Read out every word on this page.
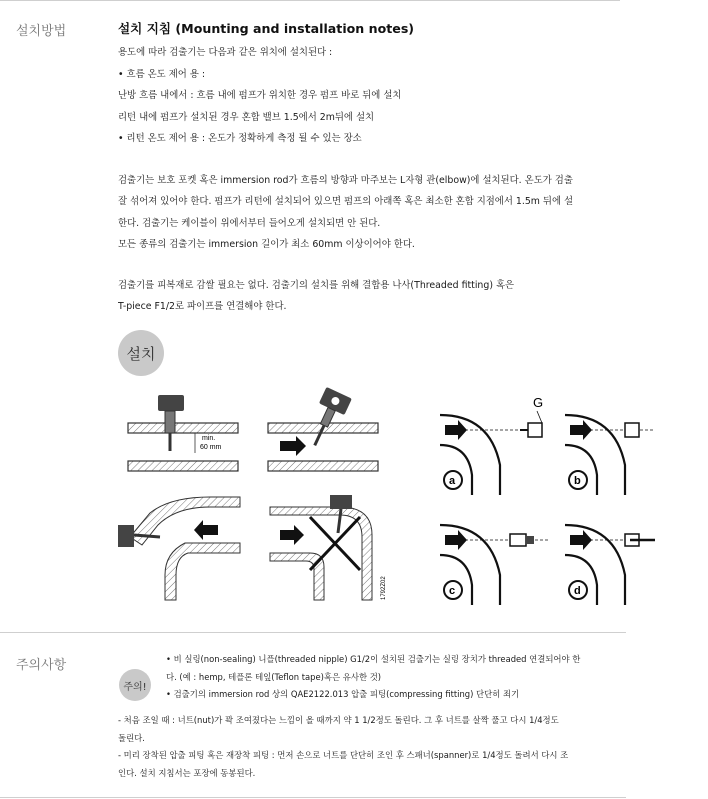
설치방법
주의사항
설치 지침 (Mounting and installation notes)
용도에 따라 검출기는 다음과 같은 위치에 설치된다 :
• 흐름 온도 제어 용 :
난방 흐름 내에서 : 흐름 내에 펌프가 위치한 경우 펌프 바로 뒤에 설치
리턴 내에 펌프가 설치된 경우 혼합 밸브 1.5에서 2m뒤에 설치
• 리턴 온도 제어 용 : 온도가 정확하게 측정 될 수 있는 장소
검출기는 보호 포켓 혹은 immersion rod가 흐름의 방향과 마주보는 L자형 관(elbow)에 설치된다. 온도가 검출
잘 섞어져 있어야 한다. 펌프가 리턴에 설치되어 있으면 펌프의 아래쪽 혹은 최소한 혼합 지점에서 1.5m 뒤에 설
한다. 검출기는 케이블이 위에서부터 들어오게 설치되면 안 된다.
모든 종류의 검출기는 immersion 길이가 최소 60mm 이상이어야 한다.
검출기를 피복재로 감쌀 필요는 없다. 검출기의 설치를 위해 결합용 나사(Threaded fitting) 혹은
T-piece F1/2로 파이프를 연결해야 한다.
설치
min.
60 mm
1792Z02
a
G
b
c	d
주의!
• 비 실링(non-sealing) 니플(threaded nipple) G1/2이 설치된 검출기는 실링 장치가 threaded 연결되어야 한
다. (예 : hemp, 테플론 테잎(Teflon tape)혹은 유사한 것)
• 검출기의 immersion rod 상의 QAE2122.013 압출 피팅(compressing fitting) 단단히 죄기
- 처음 조일 때 : 너트(nut)가 꽉 조여졌다는 느낌이 올 때까지 약 1 1/2정도 돌린다. 그 후 너트를 살짝 풀고 다시 1/4정도
돌린다.
- 미리 장착된 압출 피팅 혹은 재장착 피팅 : 먼저 손으로 너트를 단단히 조인 후 스패너(spanner)로 1/4정도 돌려서 다시 조
인다. 설치 지침서는 포장에 동봉된다.
